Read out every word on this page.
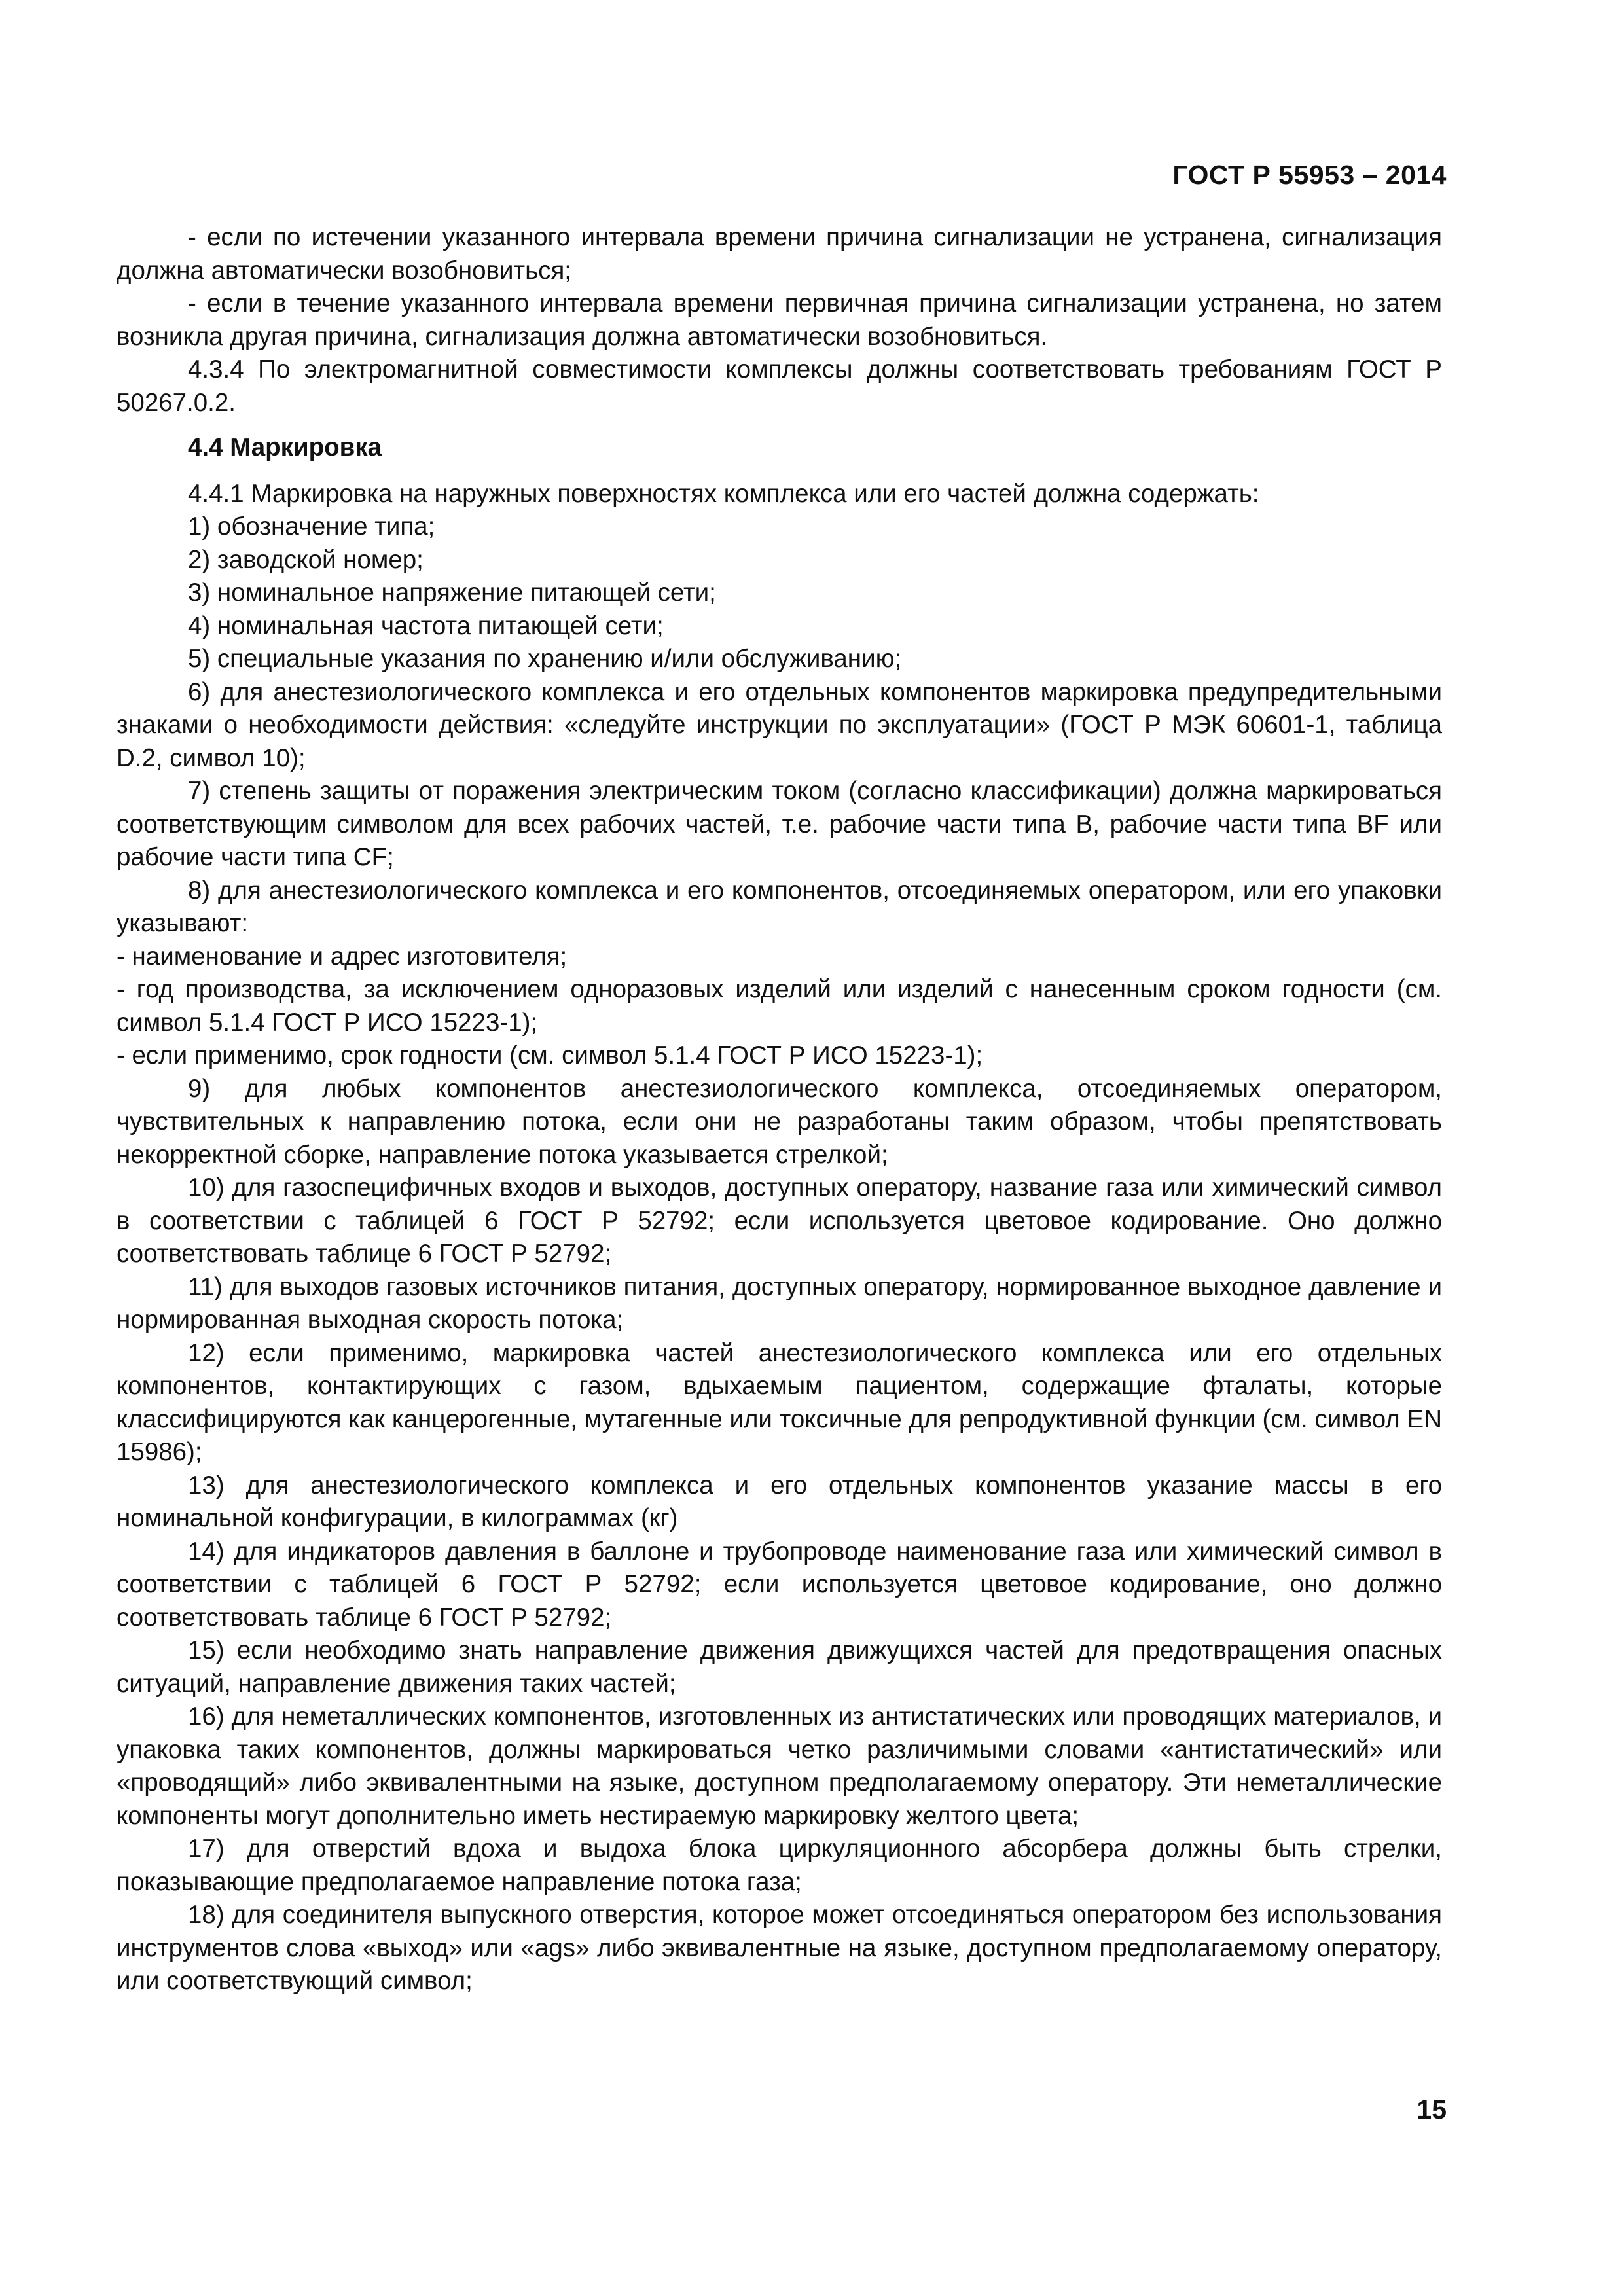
ГОСТ Р 55953 – 2014

- если по истечении указанного интервала времени причина сигнализации не устранена, сигнализация должна автоматически возобновиться;

- если в течение указанного интервала времени первичная причина сигнализации устранена, но затем возникла другая причина, сигнализация должна автоматически возобновиться.

4.3.4 По электромагнитной совместимости комплексы должны соответствовать требованиям ГОСТ Р 50267.0.2.

4.4 Маркировка

4.4.1 Маркировка на наружных поверхностях комплекса или его частей должна содержать:

1) обозначение типа;

2) заводской номер;

3) номинальное напряжение питающей сети;

4) номинальная частота питающей сети;

5) специальные указания по хранению и/или обслуживанию;

6) для анестезиологического комплекса и его отдельных компонентов маркировка предупредительными знаками о необходимости действия: «следуйте инструкции по эксплуатации» (ГОСТ Р МЭК 60601-1, таблица D.2, символ 10);

7) степень защиты от поражения электрическим током (согласно классификации) должна маркироваться соответствующим символом для всех рабочих частей, т.е. рабочие части типа B, рабочие части типа BF или рабочие части типа CF;

8) для анестезиологического комплекса и его компонентов, отсоединяемых оператором, или его упаковки указывают:

- наименование и адрес изготовителя;

- год производства, за исключением одноразовых изделий или изделий с нанесенным сроком годности (см. символ 5.1.4 ГОСТ Р ИСО 15223-1);

- если применимо, срок годности (см. символ 5.1.4 ГОСТ Р ИСО 15223-1);

9) для любых компонентов анестезиологического комплекса, отсоединяемых оператором, чувствительных к направлению потока, если они не разработаны таким образом, чтобы препятствовать некорректной сборке, направление потока указывается стрелкой;

10) для газоспецифичных входов и выходов, доступных оператору, название газа или химический символ в соответствии с таблицей 6 ГОСТ Р 52792; если используется цветовое кодирование. Оно должно соответствовать таблице 6 ГОСТ Р 52792;

11) для выходов газовых источников питания, доступных оператору, нормированное выходное давление и нормированная выходная скорость потока;

12) если применимо, маркировка частей анестезиологического комплекса или его отдельных компонентов, контактирующих с газом, вдыхаемым пациентом, содержащие фталаты, которые классифицируются как канцерогенные, мутагенные или токсичные для репродуктивной функции (см. символ EN 15986);

13) для анестезиологического комплекса и его отдельных компонентов указание массы в его номинальной конфигурации, в килограммах (кг)

14) для индикаторов давления в баллоне и трубопроводе наименование газа или химический символ в соответствии с таблицей 6 ГОСТ Р 52792; если используется цветовое кодирование, оно должно соответствовать таблице 6 ГОСТ Р 52792;

15) если необходимо знать направление движения движущихся частей для предотвращения опасных ситуаций, направление движения таких частей;

16) для неметаллических компонентов, изготовленных из антистатических или проводящих материалов, и упаковка таких компонентов, должны маркироваться четко различимыми словами «антистатический» или «проводящий» либо эквивалентными на языке, доступном предполагаемому оператору. Эти неметаллические компоненты могут дополнительно иметь нестираемую маркировку желтого цвета;

17) для отверстий вдоха и выдоха блока циркуляционного абсорбера должны быть стрелки, показывающие предполагаемое направление потока газа;

18) для соединителя выпускного отверстия, которое может отсоединяться оператором без использования инструментов слова «выход» или «ags» либо эквивалентные на языке, доступном предполагаемому оператору, или соответствующий символ;

15
